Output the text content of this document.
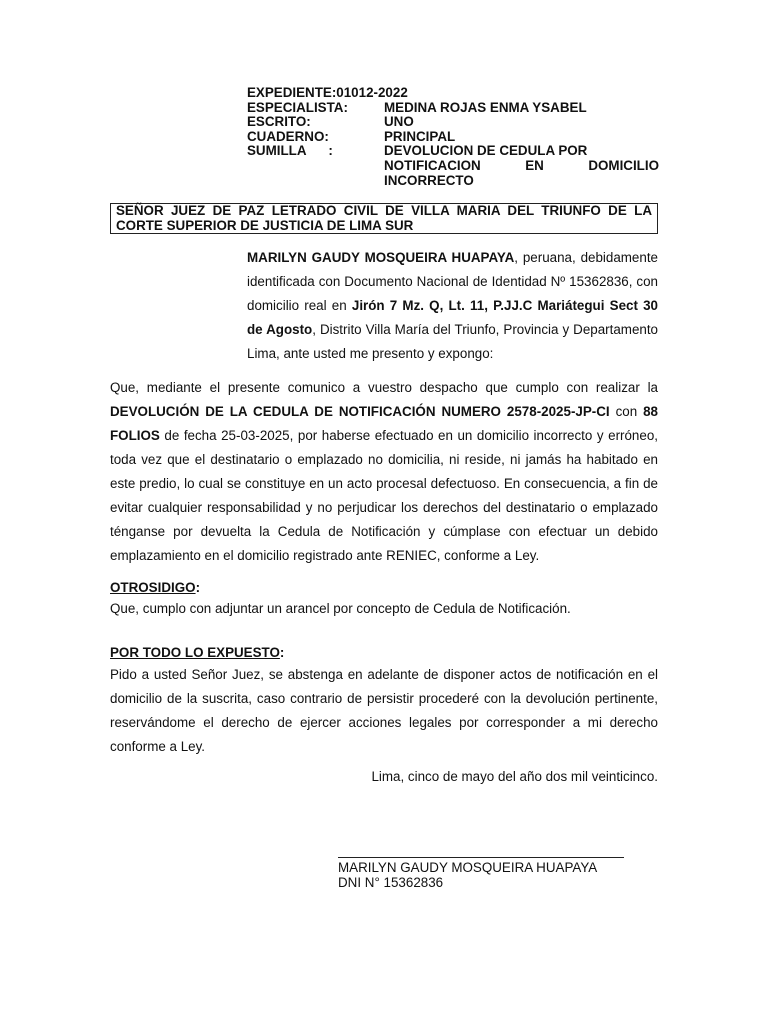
EXPEDIENTE:01012-2022
ESPECIALISTA:	MEDINA ROJAS ENMA YSABEL
ESCRITO:	UNO
CUADERNO:	PRINCIPAL
SUMILLA      :	DEVOLUCION DE CEDULA POR
NOTIFICACION EN DOMICILIO
INCORRECTO
SEÑOR JUEZ DE PAZ LETRADO CIVIL DE VILLA MARIA DEL TRIUNFO DE LA CORTE SUPERIOR DE JUSTICIA DE LIMA SUR
MARILYN GAUDY MOSQUEIRA HUAPAYA, peruana, debidamente identificada con Documento Nacional de Identidad Nº 15362836, con domicilio real en Jirón 7 Mz. Q, Lt. 11, P.JJ.C Mariátegui Sect 30 de Agosto, Distrito Villa María del Triunfo, Provincia y Departamento Lima, ante usted me presento y expongo:
Que, mediante el presente comunico a vuestro despacho que cumplo con realizar la DEVOLUCIÓN DE LA CEDULA DE NOTIFICACIÓN NUMERO 2578-2025-JP-CI con 88 FOLIOS de fecha 25-03-2025, por haberse efectuado en un domicilio incorrecto y erróneo, toda vez que el destinatario o emplazado no domicilia, ni reside, ni jamás ha habitado en este predio, lo cual se constituye en un acto procesal defectuoso. En consecuencia, a fin de evitar cualquier responsabilidad y no perjudicar los derechos del destinatario o emplazado ténganse por devuelta la Cedula de Notificación y cúmplase con efectuar un debido emplazamiento en el domicilio registrado ante RENIEC, conforme a Ley.
OTROSIDIGO:
Que, cumplo con adjuntar un arancel por concepto de Cedula de Notificación.
POR TODO LO EXPUESTO:
Pido a usted Señor Juez, se abstenga en adelante de disponer actos de notificación en el domicilio de la suscrita, caso contrario de persistir procederé con la devolución pertinente, reservándome el derecho de ejercer acciones legales por corresponder a mi derecho conforme a Ley.
Lima, cinco de mayo del año dos mil veinticinco.
MARILYN GAUDY MOSQUEIRA HUAPAYA
DNI N° 15362836
